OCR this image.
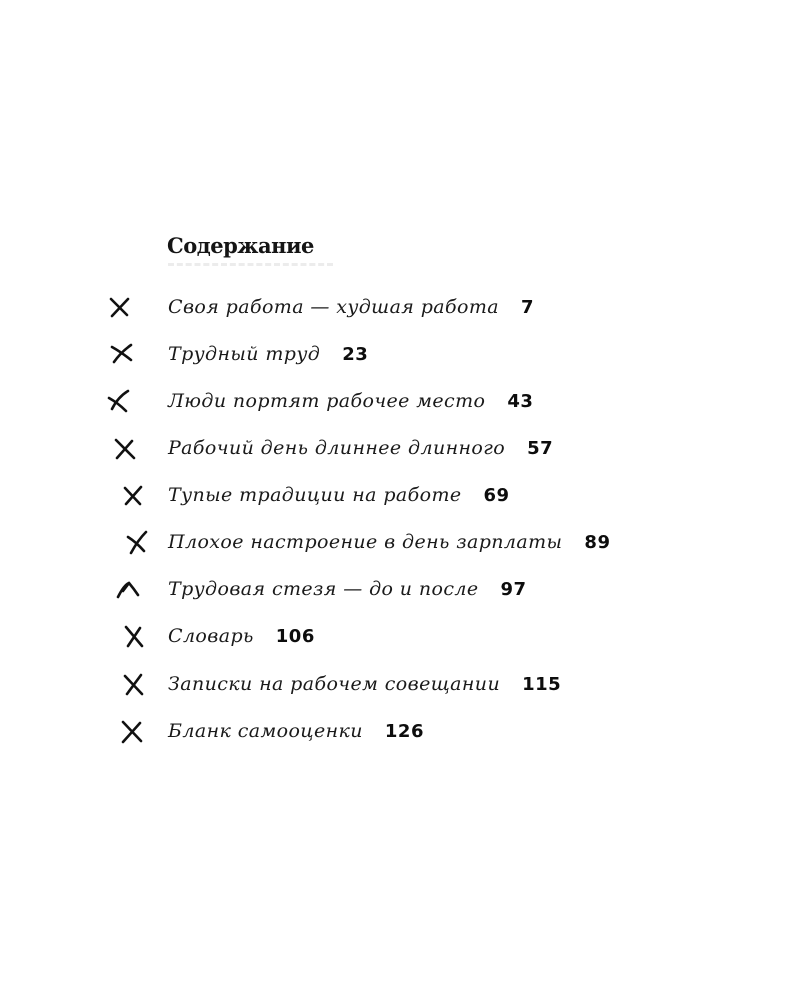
Содержание
Своя работа — худшая работа 7
Трудный труд 23
Люди портят рабочее место 43
Рабочий день длиннее длинного 57
Тупые традиции на работе 69
Плохое настроение в день зарплаты 89
Трудовая стезя — до и после 97
Словарь 106
Записки на рабочем совещании 115
Бланк самооценки 126
